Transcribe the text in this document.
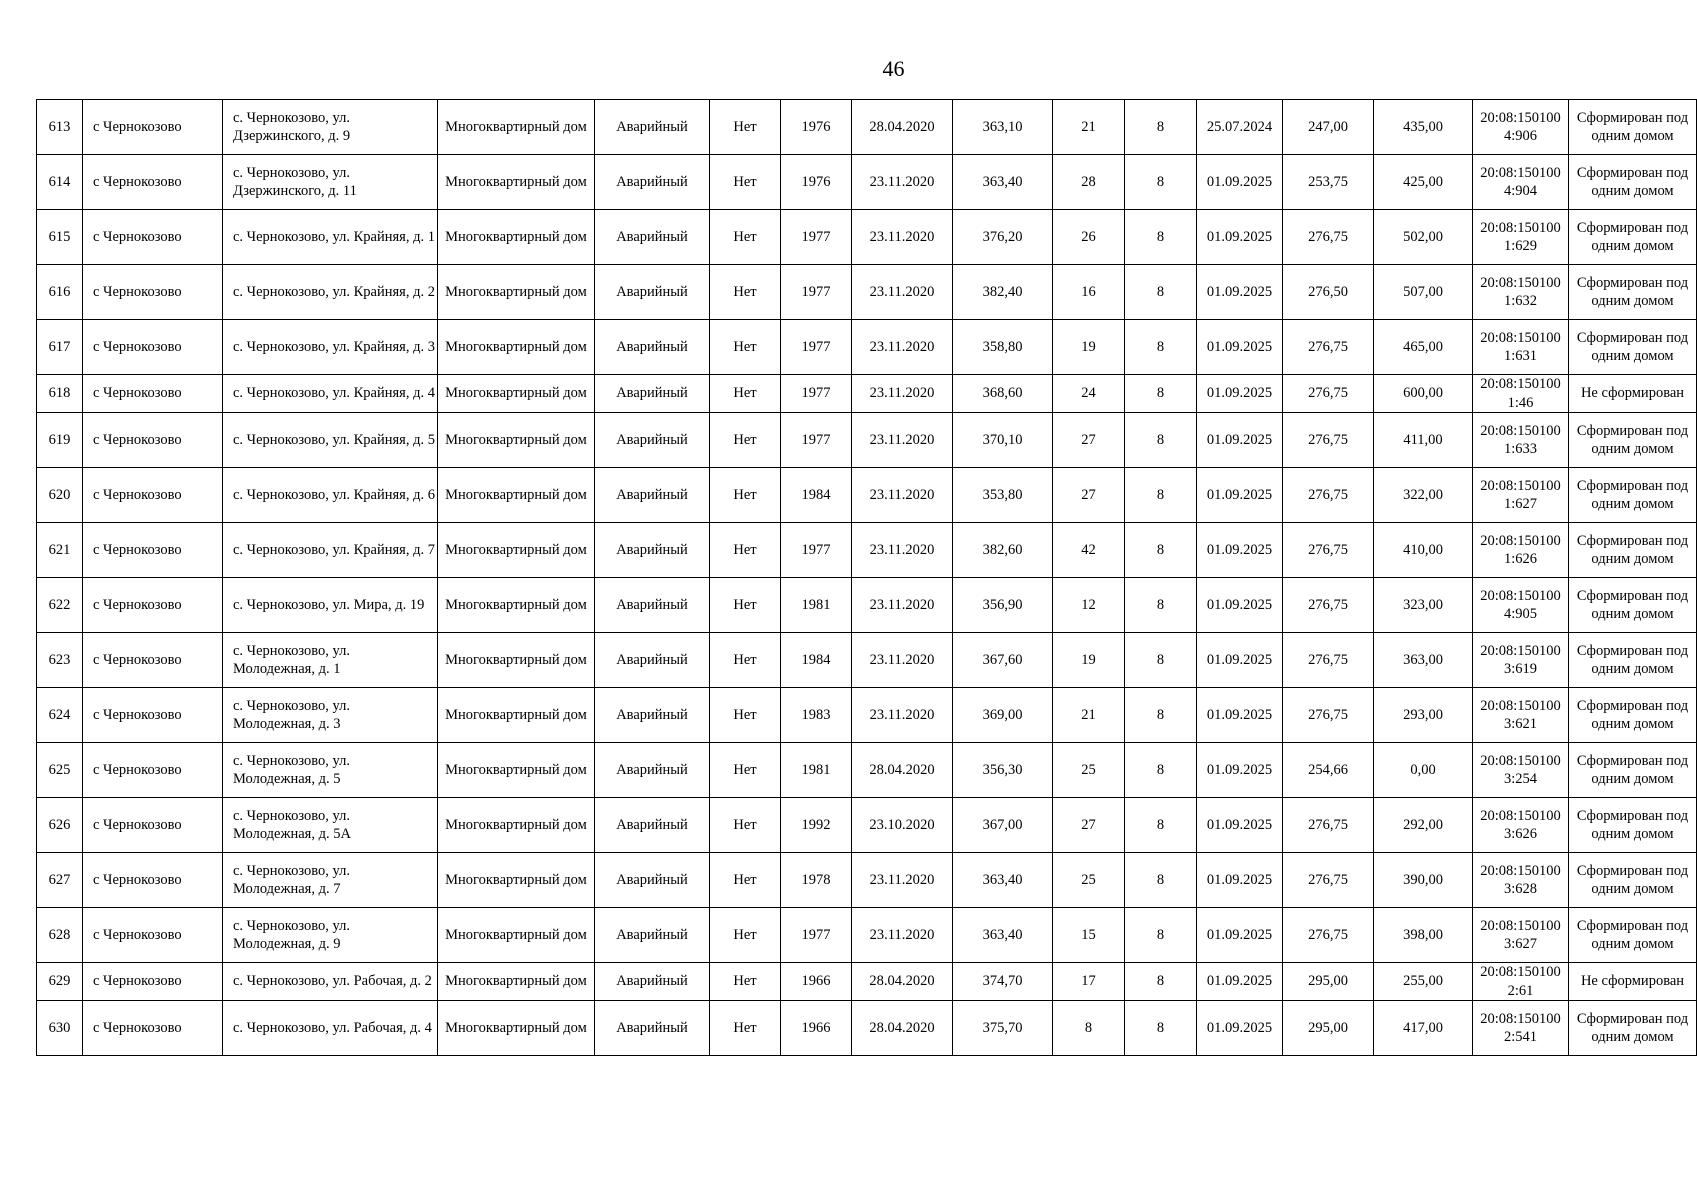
46
613	с Чернокозово	с. Чернокозово, ул. Дзержинского, д. 9	Многоквартирный дом	Аварийный	Нет	1976	28.04.2020	363,10	21	8	25.07.2024	247,00	435,00	20:08:1501004:906	Сформирован под одним домом
614	с Чернокозово	с. Чернокозово, ул. Дзержинского, д. 11	Многоквартирный дом	Аварийный	Нет	1976	23.11.2020	363,40	28	8	01.09.2025	253,75	425,00	20:08:1501004:904	Сформирован под одним домом
615	с Чернокозово	с. Чернокозово, ул. Крайняя, д. 1	Многоквартирный дом	Аварийный	Нет	1977	23.11.2020	376,20	26	8	01.09.2025	276,75	502,00	20:08:1501001:629	Сформирован под одним домом
616	с Чернокозово	с. Чернокозово, ул. Крайняя, д. 2	Многоквартирный дом	Аварийный	Нет	1977	23.11.2020	382,40	16	8	01.09.2025	276,50	507,00	20:08:1501001:632	Сформирован под одним домом
617	с Чернокозово	с. Чернокозово, ул. Крайняя, д. 3	Многоквартирный дом	Аварийный	Нет	1977	23.11.2020	358,80	19	8	01.09.2025	276,75	465,00	20:08:1501001:631	Сформирован под одним домом
618	с Чернокозово	с. Чернокозово, ул. Крайняя, д. 4	Многоквартирный дом	Аварийный	Нет	1977	23.11.2020	368,60	24	8	01.09.2025	276,75	600,00	20:08:1501001:46	Не сформирован
619	с Чернокозово	с. Чернокозово, ул. Крайняя, д. 5	Многоквартирный дом	Аварийный	Нет	1977	23.11.2020	370,10	27	8	01.09.2025	276,75	411,00	20:08:1501001:633	Сформирован под одним домом
620	с Чернокозово	с. Чернокозово, ул. Крайняя, д. 6	Многоквартирный дом	Аварийный	Нет	1984	23.11.2020	353,80	27	8	01.09.2025	276,75	322,00	20:08:1501001:627	Сформирован под одним домом
621	с Чернокозово	с. Чернокозово, ул. Крайняя, д. 7	Многоквартирный дом	Аварийный	Нет	1977	23.11.2020	382,60	42	8	01.09.2025	276,75	410,00	20:08:1501001:626	Сформирован под одним домом
622	с Чернокозово	с. Чернокозово, ул. Мира, д. 19	Многоквартирный дом	Аварийный	Нет	1981	23.11.2020	356,90	12	8	01.09.2025	276,75	323,00	20:08:1501004:905	Сформирован под одним домом
623	с Чернокозово	с. Чернокозово, ул. Молодежная, д. 1	Многоквартирный дом	Аварийный	Нет	1984	23.11.2020	367,60	19	8	01.09.2025	276,75	363,00	20:08:1501003:619	Сформирован под одним домом
624	с Чернокозово	с. Чернокозово, ул. Молодежная, д. 3	Многоквартирный дом	Аварийный	Нет	1983	23.11.2020	369,00	21	8	01.09.2025	276,75	293,00	20:08:1501003:621	Сформирован под одним домом
625	с Чернокозово	с. Чернокозово, ул. Молодежная, д. 5	Многоквартирный дом	Аварийный	Нет	1981	28.04.2020	356,30	25	8	01.09.2025	254,66	0,00	20:08:1501003:254	Сформирован под одним домом
626	с Чернокозово	с. Чернокозово, ул. Молодежная, д. 5А	Многоквартирный дом	Аварийный	Нет	1992	23.10.2020	367,00	27	8	01.09.2025	276,75	292,00	20:08:1501003:626	Сформирован под одним домом
627	с Чернокозово	с. Чернокозово, ул. Молодежная, д. 7	Многоквартирный дом	Аварийный	Нет	1978	23.11.2020	363,40	25	8	01.09.2025	276,75	390,00	20:08:1501003:628	Сформирован под одним домом
628	с Чернокозово	с. Чернокозово, ул. Молодежная, д. 9	Многоквартирный дом	Аварийный	Нет	1977	23.11.2020	363,40	15	8	01.09.2025	276,75	398,00	20:08:1501003:627	Сформирован под одним домом
629	с Чернокозово	с. Чернокозово, ул. Рабочая, д. 2	Многоквартирный дом	Аварийный	Нет	1966	28.04.2020	374,70	17	8	01.09.2025	295,00	255,00	20:08:1501002:61	Не сформирован
630	с Чернокозово	с. Чернокозово, ул. Рабочая, д. 4	Многоквартирный дом	Аварийный	Нет	1966	28.04.2020	375,70	8	8	01.09.2025	295,00	417,00	20:08:1501002:541	Сформирован под одним домом
